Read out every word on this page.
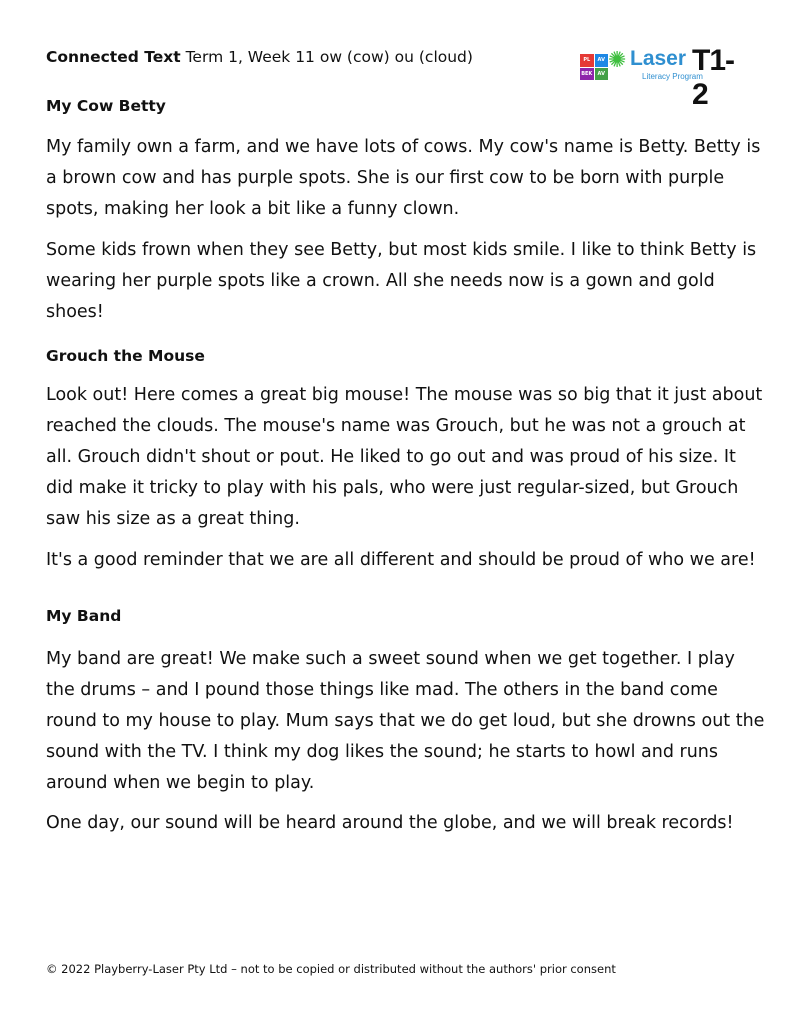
Connected Text Term 1, Week 11 ow (cow) ou (cloud)	PL	AV
BEK	AV
✺ Laser
Literacy Program
T1-2
My Cow Betty

My family own a farm, and we have lots of cows. My cow's name is Betty. Betty is a brown cow and has purple spots. She is our first cow to be born with purple spots, making her look a bit like a funny clown.

Some kids frown when they see Betty, but most kids smile. I like to think Betty is wearing her purple spots like a crown. All she needs now is a gown and gold shoes!

Grouch the Mouse

Look out! Here comes a great big mouse! The mouse was so big that it just about reached the clouds. The mouse's name was Grouch, but he was not a grouch at all. Grouch didn't shout or pout. He liked to go out and was proud of his size. It did make it tricky to play with his pals, who were just regular-sized, but Grouch saw his size as a great thing.

It's a good reminder that we are all different and should be proud of who we are!

My Band

My band are great! We make such a sweet sound when we get together. I play the drums – and I pound those things like mad. The others in the band come round to my house to play. Mum says that we do get loud, but she drowns out the sound with the TV. I think my dog likes the sound; he starts to howl and runs around when we begin to play.

One day, our sound will be heard around the globe, and we will break records!

© 2022 Playberry-Laser Pty Ltd – not to be copied or distributed without the authors' prior consent
